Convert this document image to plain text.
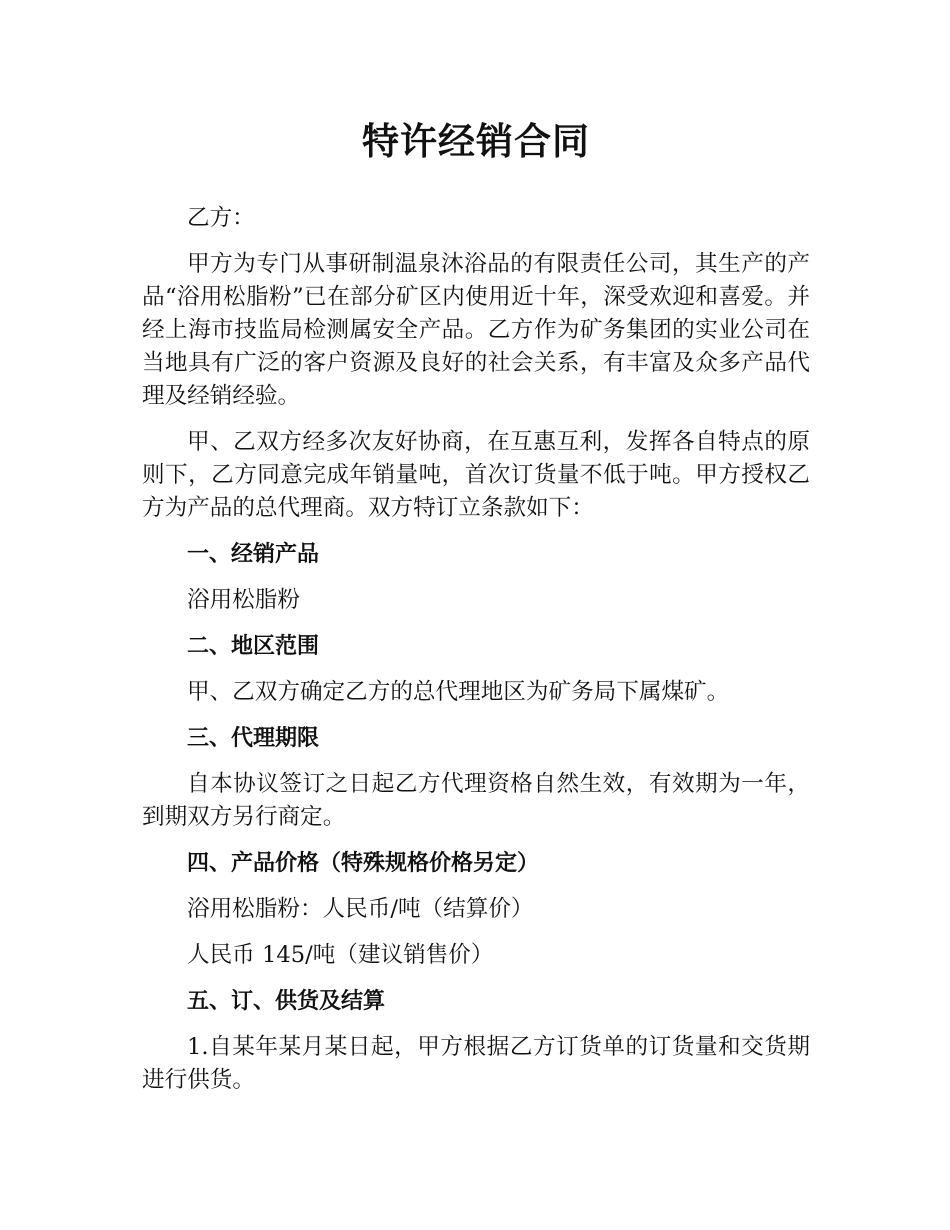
特许经销合同

乙方：

甲方为专门从事研制温泉沐浴品的有限责任公司，其生产的产品“浴用松脂粉”已在部分矿区内使用近十年，深受欢迎和喜爱。并经上海市技监局检测属安全产品。乙方作为矿务集团的实业公司在当地具有广泛的客户资源及良好的社会关系，有丰富及众多产品代理及经销经验。

甲、乙双方经多次友好协商，在互惠互利，发挥各自特点的原则下，乙方同意完成年销量吨，首次订货量不低于吨。甲方授权乙方为产品的总代理商。双方特订立条款如下：

一、经销产品

浴用松脂粉

二、地区范围

甲、乙双方确定乙方的总代理地区为矿务局下属煤矿。

三、代理期限

自本协议签订之日起乙方代理资格自然生效，有效期为一年，到期双方另行商定。

四、产品价格（特殊规格价格另定）

浴用松脂粉：人民币/吨（结算价）

人民币 145/吨（建议销售价）

五、订、供货及结算

1.自某年某月某日起，甲方根据乙方订货单的订货量和交货期进行供货。
